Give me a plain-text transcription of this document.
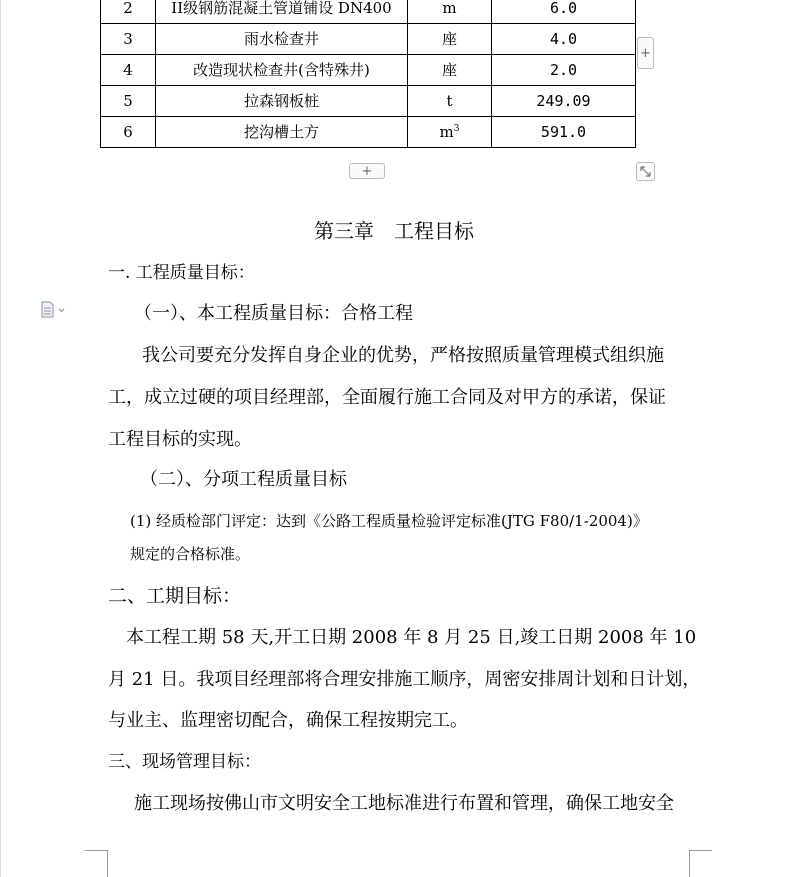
2	II级钢筋混凝土管道铺设 DN400	m	6.0
3	雨水检查井	座	4.0
4	改造现状检查井(含特殊井)	座	2.0
5	拉森钢板桩	t	249.09
6	挖沟槽土方	$m^3$	591.0
+
+
第三章　工程目标
一. 工程质量目标：
（一）、本工程质量目标：合格工程
我公司要充分发挥自身企业的优势，严格按照质量管理模式组织施
工，成立过硬的项目经理部，全面履行施工合同及对甲方的承诺，保证
工程目标的实现。
（二）、分项工程质量目标
(1) 经质检部门评定：达到《公路工程质量检验评定标准(JTG F80/1-2004)》
规定的合格标准。
二、工期目标：
本工程工期 58 天,开工日期 2008 年 8 月 25 日,竣工日期 2008 年 10
月 21 日。我项目经理部将合理安排施工顺序，周密安排周计划和日计划，
与业主、监理密切配合，确保工程按期完工。
三、现场管理目标：
施工现场按佛山市文明安全工地标准进行布置和管理，确保工地安全
